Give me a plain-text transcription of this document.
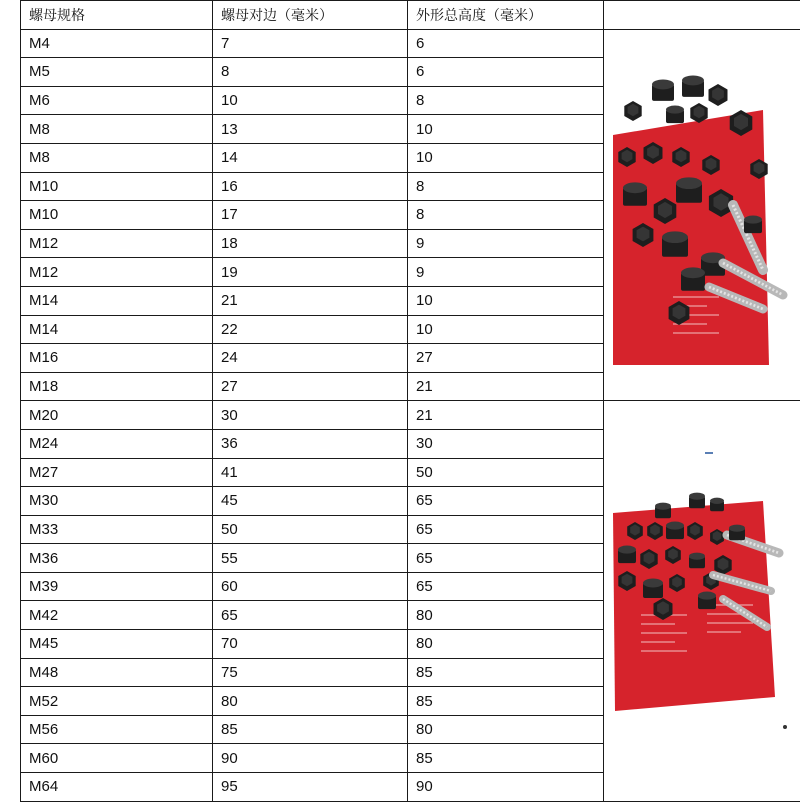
螺母规格	螺母对边（毫米）	外形总高度（毫米）	
M4	7	6	

M5	8	6	
M6	10	8	
M8	13	10	
M8	14	10	
M10	16	8	
M10	17	8	
M12	18	9	
M12	19	9	
M14	21	10	
M14	22	10	
M16	24	27	
M18	27	21	
M20	30	21	

M24	36	30	
M27	41	50	
M30	45	65	
M33	50	65	
M36	55	65	
M39	60	65	
M42	65	80	
M45	70	80	
M48	75	85	
M52	80	85	
M56	85	80	
M60	90	85	
M64	95	90	
